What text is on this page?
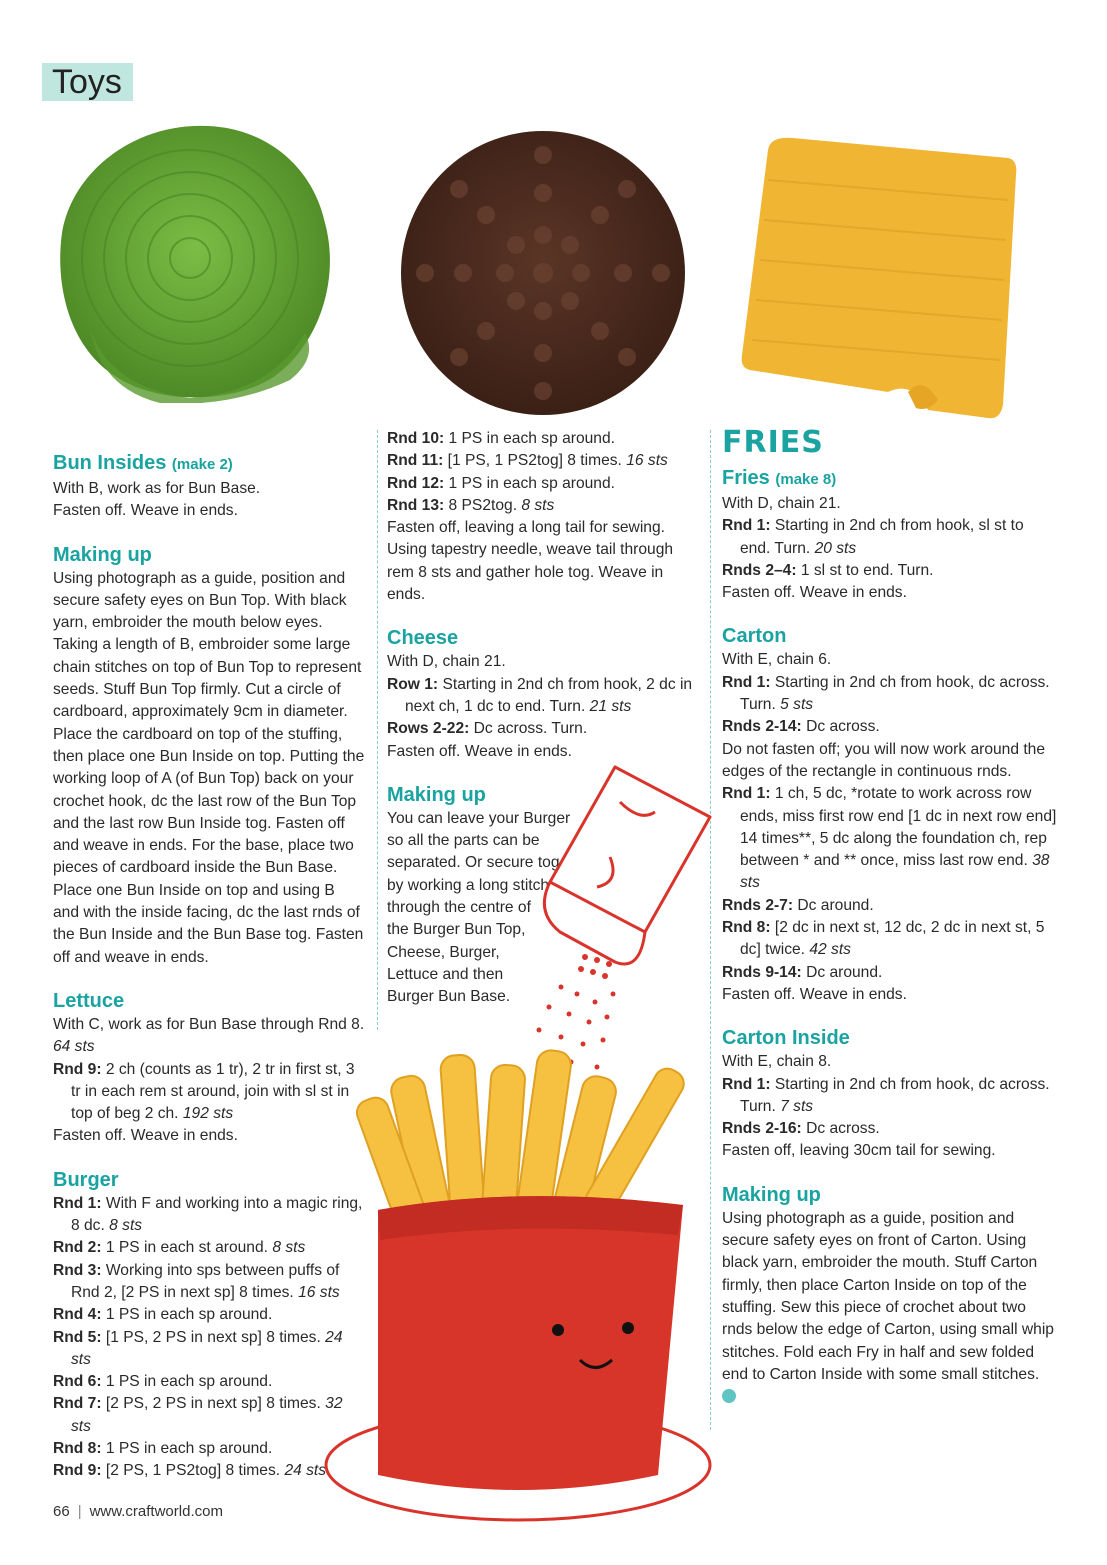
Toys

Bun Insides (make 2)

With B, work as for Bun Base.

Fasten off. Weave in ends.

Making up

Using photograph as a guide, position and secure safety eyes on Bun Top. With black yarn, embroider the mouth below eyes. Taking a length of B, embroider some large chain stitches on top of Bun Top to represent seeds. Stuff Bun Top firmly. Cut a circle of cardboard, approximately 9cm in diameter. Place the cardboard on top of the stuffing, then place one Bun Inside on top. Putting the working loop of A (of Bun Top) back on your crochet hook, dc the last row of the Bun Top and the last row Bun Inside tog. Fasten off and weave in ends. For the base, place two pieces of cardboard inside the Bun Base. Place one Bun Inside on top and using B and with the inside facing, dc the last rnds of the Bun Inside and the Bun Base tog. Fasten off and weave in ends.

Lettuce

With C, work as for Bun Base through Rnd 8. 64 sts

Rnd 9: 2 ch (counts as 1 tr), 2 tr in first st, 3 tr in each rem st around, join with sl st in top of beg 2 ch. 192 sts

Fasten off. Weave in ends.

Burger

Rnd 1: With F and working into a magic ring, 8 dc. 8 sts

Rnd 2: 1 PS in each st around. 8 sts

Rnd 3: Working into sps between puffs of Rnd 2, [2 PS in next sp] 8 times. 16 sts

Rnd 4: 1 PS in each sp around.

Rnd 5: [1 PS, 2 PS in next sp] 8 times. 24 sts

Rnd 6: 1 PS in each sp around.

Rnd 7: [2 PS, 2 PS in next sp] 8 times. 32 sts

Rnd 8: 1 PS in each sp around.

Rnd 9: [2 PS, 1 PS2tog] 8 times. 24 sts

Rnd 10: 1 PS in each sp around.

Rnd 11: [1 PS, 1 PS2tog] 8 times. 16 sts

Rnd 12: 1 PS in each sp around.

Rnd 13: 8 PS2tog. 8 sts

Fasten off, leaving a long tail for sewing. Using tapestry needle, weave tail through rem 8 sts and gather hole tog. Weave in ends.

Cheese

With D, chain 21.

Row 1: Starting in 2nd ch from hook, 2 dc in next ch, 1 dc to end. Turn. 21 sts

Rows 2-22: Dc across. Turn.

Fasten off. Weave in ends.

Making up

You can leave your Burger

so all the parts can be

separated. Or secure tog

by working a long stitch

through the centre of

the Burger Bun Top,

Cheese, Burger,

Lettuce and then

Burger Bun Base.

FRIES

Fries (make 8)

With D, chain 21.

Rnd 1: Starting in 2nd ch from hook, sl st to end. Turn. 20 sts

Rnds 2–4: 1 sl st to end. Turn.

Fasten off. Weave in ends.

Carton

With E, chain 6.

Rnd 1: Starting in 2nd ch from hook, dc across. Turn. 5 sts

Rnds 2-14: Dc across.

Do not fasten off; you will now work around the edges of the rectangle in continuous rnds.

Rnd 1: 1 ch, 5 dc, *rotate to work across row ends, miss first row end [1 dc in next row end] 14 times**, 5 dc along the foundation ch, rep between * and ** once, miss last row end. 38 sts

Rnds 2-7: Dc around.

Rnd 8: [2 dc in next st, 12 dc, 2 dc in next st, 5 dc] twice. 42 sts

Rnds 9-14: Dc around.

Fasten off. Weave in ends.

Carton Inside

With E, chain 8.

Rnd 1: Starting in 2nd ch from hook, dc across. Turn. 7 sts

Rnds 2-16: Dc across.

Fasten off, leaving 30cm tail for sewing.

Making up

Using photograph as a guide, position and secure safety eyes on front of Carton. Using black yarn, embroider the mouth. Stuff Carton firmly, then place Carton Inside on top of the stuffing. Sew this piece of crochet about two rnds below the edge of Carton, using small whip stitches. Fold each Fry in half and sew folded end to Carton Inside with some small stitches.

66 | www.craftworld.com
